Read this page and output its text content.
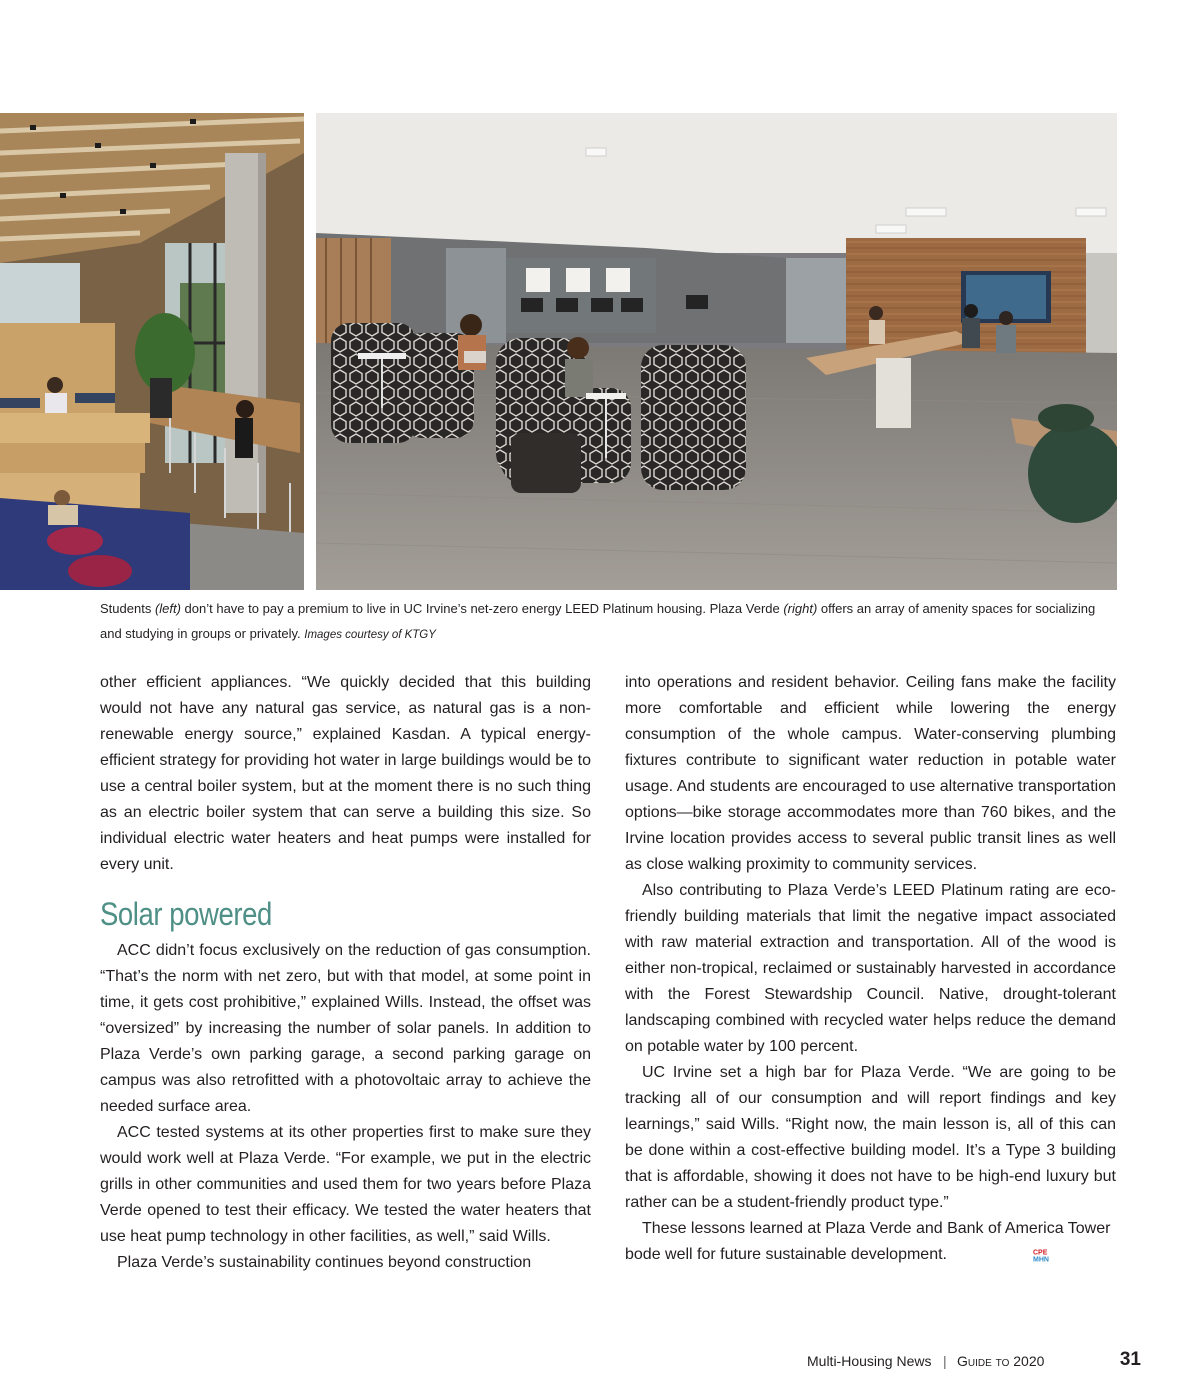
Students (left) don’t have to pay a premium to live in UC Irvine’s net-zero energy LEED Platinum housing. Plaza Verde (right) offers an array of amenity spaces for socializing and studying in groups or privately. Images courtesy of KTGY

other efficient appliances. “We quickly decided that this building would not have any natural gas service, as natural gas is a non-renewable energy source,” explained Kasdan. A typical energy-efficient strategy for providing hot water in large buildings would be to use a central boiler system, but at the moment there is no such thing as an electric boiler system that can serve a building this size. So individual electric water heaters and heat pumps were installed for every unit.

Solar powered

ACC didn’t focus exclusively on the reduction of gas consumption. “That’s the norm with net zero, but with that model, at some point in time, it gets cost prohibitive,” explained Wills. Instead, the offset was “oversized” by increasing the number of solar panels. In addition to Plaza Verde’s own parking garage, a second parking garage on campus was also retrofitted with a photovoltaic array to achieve the needed surface area.

ACC tested systems at its other properties first to make sure they would work well at Plaza Verde. “For example, we put in the electric grills in other communities and used them for two years before Plaza Verde opened to test their efficacy. We tested the water heaters that use heat pump technology in other facilities, as well,” said Wills.

Plaza Verde’s sustainability continues beyond construction

into operations and resident behavior. Ceiling fans make the facility more comfortable and efficient while lowering the energy consumption of the whole campus. Water-conserving plumbing fixtures contribute to significant water reduction in potable water usage. And students are encouraged to use alternative transportation options—bike storage accommodates more than 760 bikes, and the Irvine location provides access to several public transit lines as well as close walking proximity to community services.

Also contributing to Plaza Verde’s LEED Platinum rating are eco-friendly building materials that limit the negative impact associated with raw material extraction and transportation. All of the wood is either non-tropical, reclaimed or sustainably harvested in accordance with the Forest Stewardship Council. Native, drought-tolerant landscaping combined with recycled water helps reduce the demand on potable water by 100 percent.

UC Irvine set a high bar for Plaza Verde. “We are going to be tracking all of our consumption and will report findings and key learnings,” said Wills. “Right now, the main lesson is, all of this can be done within a cost-effective building model. It’s a Type 3 building that is affordable, showing it does not have to be high-end luxury but rather can be a student-friendly product type.”

These lessons learned at Plaza Verde and Bank of America Tower bode well for future sustainable development.	CPE
MHN

Multi-Housing News | Guide to 2020	31
